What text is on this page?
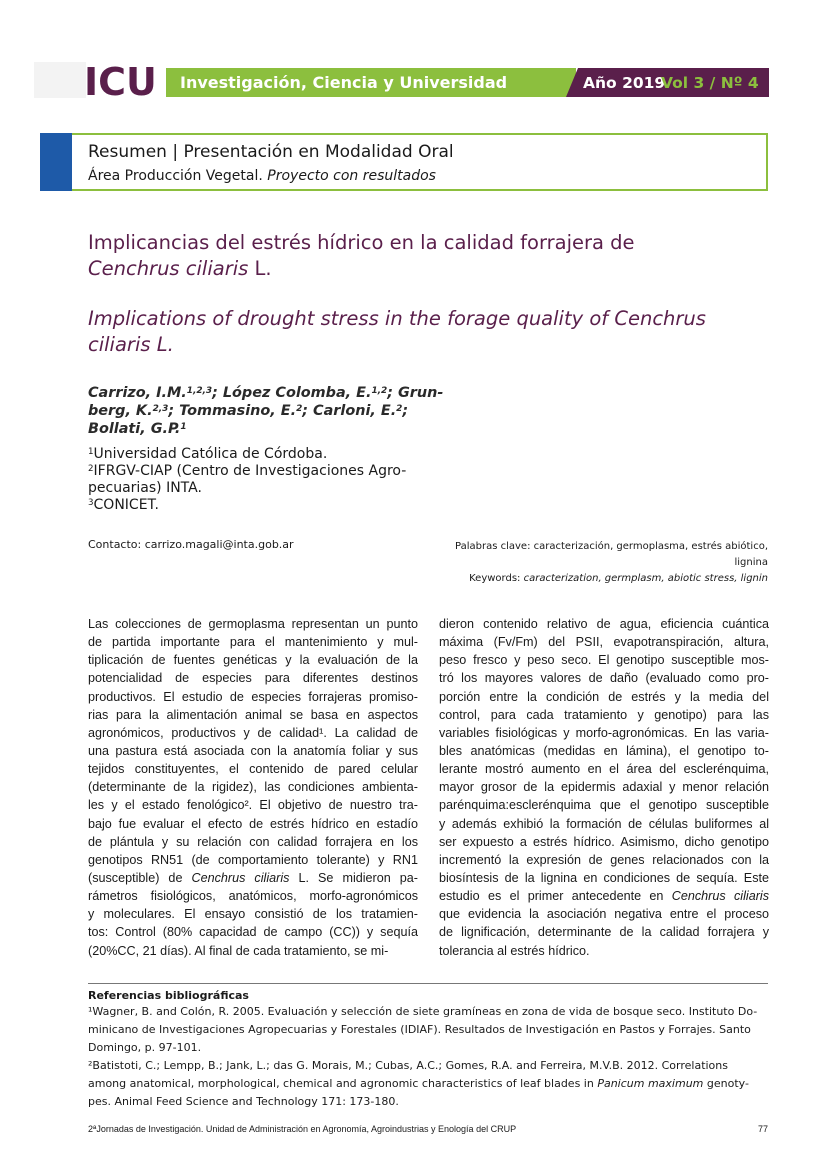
ICU Investigación, Ciencia y Universidad	Año 2019
Vol 3 / Nº 4
Resumen | Presentación en Modalidad Oral
Área Producción Vegetal. Proyecto con resultados
Implicancias del estrés hídrico en la calidad forrajera de
Cenchrus ciliaris L.
Implications of drought stress in the forage quality of Cenchrus
ciliaris L.
Carrizo, I.M.$^{1,2,3}$; López Colomba, E.$^{1,2}$; Grun-
berg, K.$^{2,3}$; Tommasino, E.$^2$; Carloni, E.$^2$;
Bollati, G.P.$^1$
$^1$Universidad Católica de Córdoba.
$^2$IFRGV-CIAP (Centro de Investigaciones Agro-
pecuarias) INTA.
$^3$CONICET.
Contacto: carrizo.magali@inta.gob.ar	Palabras clave: caracterización, germoplasma, estrés abiótico,
lignina
Keywords: caracterization, germplasm, abiotic stress, lignin
Las colecciones de germoplasma representan un punto
de partida importante para el mantenimiento y mul-
tiplicación de fuentes genéticas y la evaluación de la
potencialidad de especies para diferentes destinos
productivos. El estudio de especies forrajeras promiso-
rias para la alimentación animal se basa en aspectos
agronómicos, productivos y de calidad¹. La calidad de
una pastura está asociada con la anatomía foliar y sus
tejidos constituyentes, el contenido de pared celular
(determinante de la rigidez), las condiciones ambienta-
les y el estado fenológico². El objetivo de nuestro tra-
bajo fue evaluar el efecto de estrés hídrico en estadío
de plántula y su relación con calidad forrajera en los
genotipos RN51 (de comportamiento tolerante) y RN1
(susceptible) de Cenchrus ciliaris L. Se midieron pa-
rámetros fisiológicos, anatómicos, morfo-agronómicos
y moleculares. El ensayo consistió de los tratamien-
tos: Control (80% capacidad de campo (CC)) y sequía
(20%CC, 21 días). Al final de cada tratamiento, se mi-
dieron contenido relativo de agua, eficiencia cuántica
máxima (Fv/Fm) del PSII, evapotranspiración, altura,
peso fresco y peso seco. El genotipo susceptible mos-
tró los mayores valores de daño (evaluado como pro-
porción entre la condición de estrés y la media del
control, para cada tratamiento y genotipo) para las
variables fisiológicas y morfo-agronómicas. En las varia-
bles anatómicas (medidas en lámina), el genotipo to-
lerante mostró aumento en el área del esclerénquima,
mayor grosor de la epidermis adaxial y menor relación
parénquima:esclerénquima que el genotipo susceptible
y además exhibió la formación de células buliformes al
ser expuesto a estrés hídrico. Asimismo, dicho genotipo
incrementó la expresión de genes relacionados con la
biosíntesis de la lignina en condiciones de sequía. Este
estudio es el primer antecedente en Cenchrus ciliaris
que evidencia la asociación negativa entre el proceso
de lignificación, determinante de la calidad forrajera y
tolerancia al estrés hídrico.
Referencias bibliográficas
¹Wagner, B. and Colón, R. 2005. Evaluación y selección de siete gramíneas en zona de vida de bosque seco. Instituto Do-
minicano de Investigaciones Agropecuarias y Forestales (IDIAF). Resultados de Investigación en Pastos y Forrajes. Santo
Domingo, p. 97-101.
²Batistoti, C.; Lempp, B.; Jank, L.; das G. Morais, M.; Cubas, A.C.; Gomes, R.A. and Ferreira, M.V.B. 2012. Correlations
among anatomical, morphological, chemical and agronomic characteristics of leaf blades in Panicum maximum genoty-
pes. Animal Feed Science and Technology 171: 173-180.
2ªJornadas de Investigación. Unidad de Administración en Agronomía, Agroindustrias y Enología del CRUP	77
